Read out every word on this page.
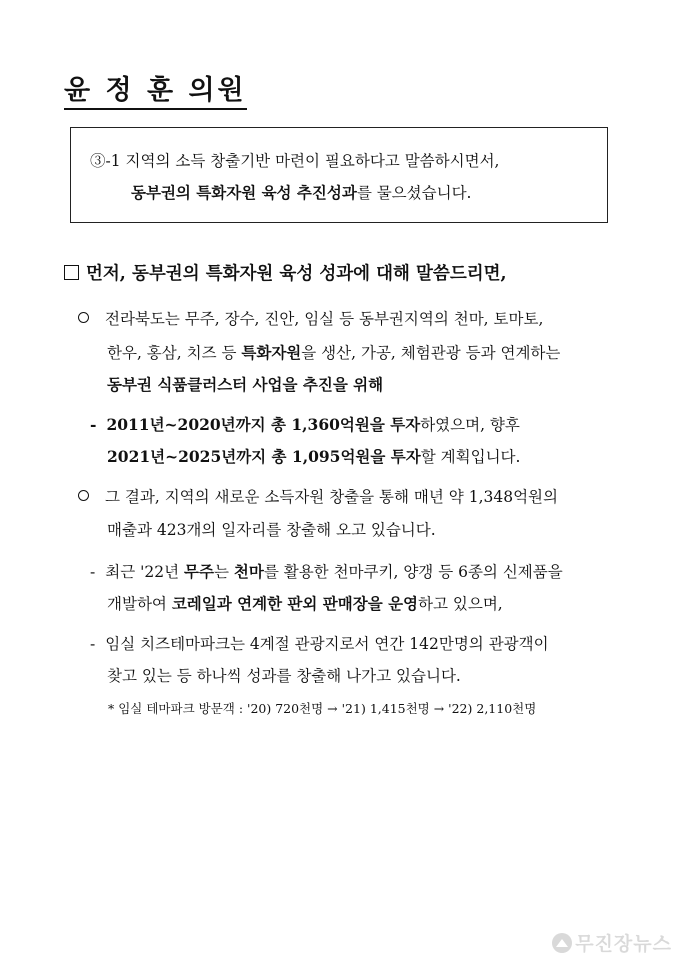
윤 정 훈 의원
③-1 지역의 소득 창출기반 마련이 필요하다고 말씀하시면서,
동부권의 특화자원 육성 추진성과를 물으셨습니다.
먼저, 동부권의 특화자원 육성 성과에 대해 말씀드리면,
전라북도는 무주, 장수, 진안, 임실 등 동부권지역의 천마, 토마토,
한우, 홍삼, 치즈 등 특화자원을 생산, 가공, 체험관광 등과 연계하는
동부권 식품클러스터 사업을 추진을 위해
- 2011년~2020년까지 총 1,360억원을 투자하였으며, 향후
2021년~2025년까지 총 1,095억원을 투자할 계획입니다.
그 결과, 지역의 새로운 소득자원 창출을 통해 매년 약 1,348억원의
매출과 423개의 일자리를 창출해 오고 있습니다.
- 최근 '22년 무주는 천마를 활용한 천마쿠키, 양갱 등 6종의 신제품을
개발하여 코레일과 연계한 판외 판매장을 운영하고 있으며,
- 임실 치즈테마파크는 4계절 관광지로서 연간 142만명의 관광객이
찾고 있는 등 하나씩 성과를 창출해 나가고 있습니다.
* 임실 테마파크 방문객 : '20) 720천명 → '21) 1,415천명 → '22) 2,110천명
무진장뉴스
